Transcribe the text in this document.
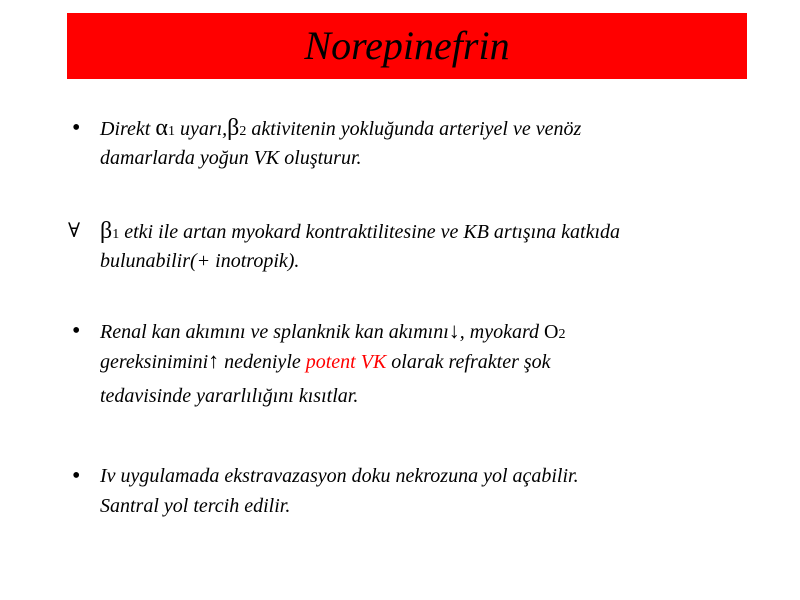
Norepinefrin
• Direkt α1 uyarı,β2 aktivitenin yokluğunda arteriyel ve venöz
damarlarda yoğun VK oluşturur.
∀ β1 etki ile artan myokard kontraktilitesine ve KB artışına katkıda
bulunabilir(+ inotropik).
• Renal kan akımını ve splanknik kan akımını↓, myokard O2
gereksinimini↑ nedeniyle potent VK olarak refrakter şok
tedavisinde yararlılığını kısıtlar.
• Iv uygulamada ekstravazasyon doku nekrozuna yol açabilir.
Santral yol tercih edilir.
